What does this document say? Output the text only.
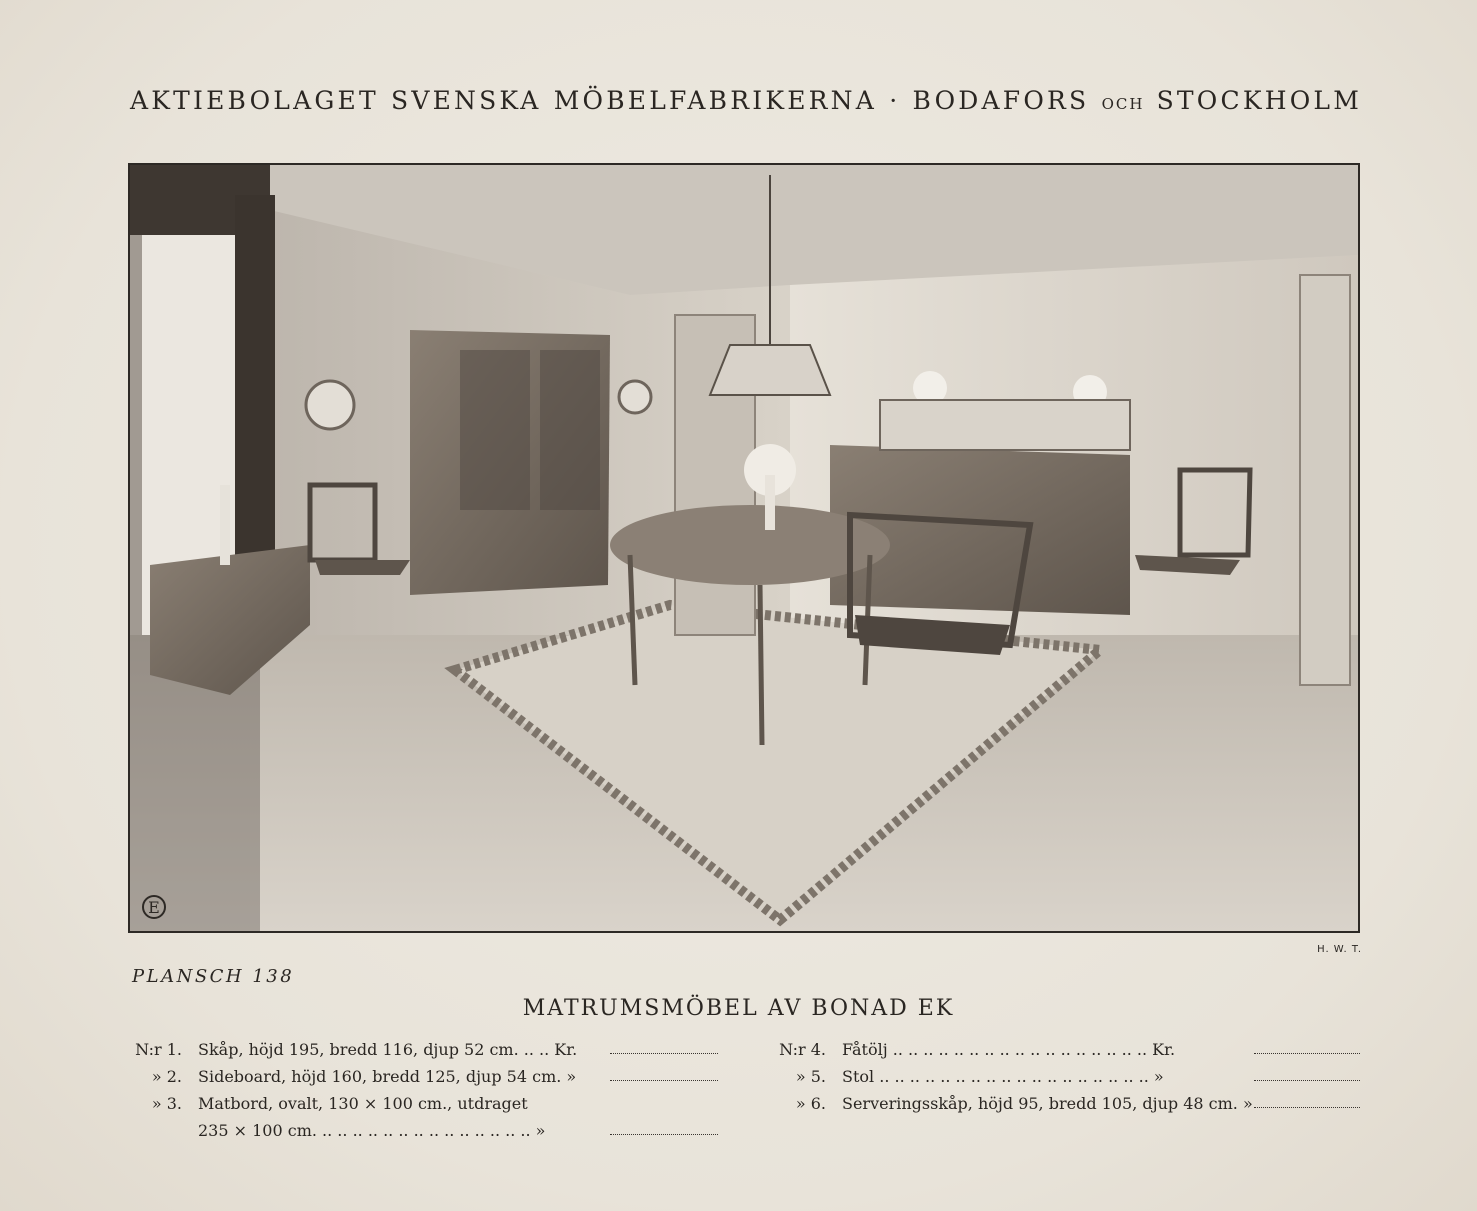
AKTIEBOLAGET SVENSKA MÖBELFABRIKERNA · BODAFORS OCH STOCKHOLM
E
H. W. T.
PLANSCH 138
MATRUMSMÖBEL AV BONAD EK
N:r 1. Skåp, höjd 195, bredd 116, djup 52 cm. .. .. Kr.
» 2. Sideboard, höjd 160, bredd 125, djup 54 cm. »
» 3. Matbord, ovalt, 130 × 100 cm., utdraget
235 × 100 cm. .. .. .. .. .. .. .. .. .. .. .. .. .. .. »
N:r 4. Fåtölj .. .. .. .. .. .. .. .. .. .. .. .. .. .. .. .. .. Kr.
» 5. Stol .. .. .. .. .. .. .. .. .. .. .. .. .. .. .. .. .. .. »
» 6. Serveringsskåp, höjd 95, bredd 105, djup 48 cm. »
